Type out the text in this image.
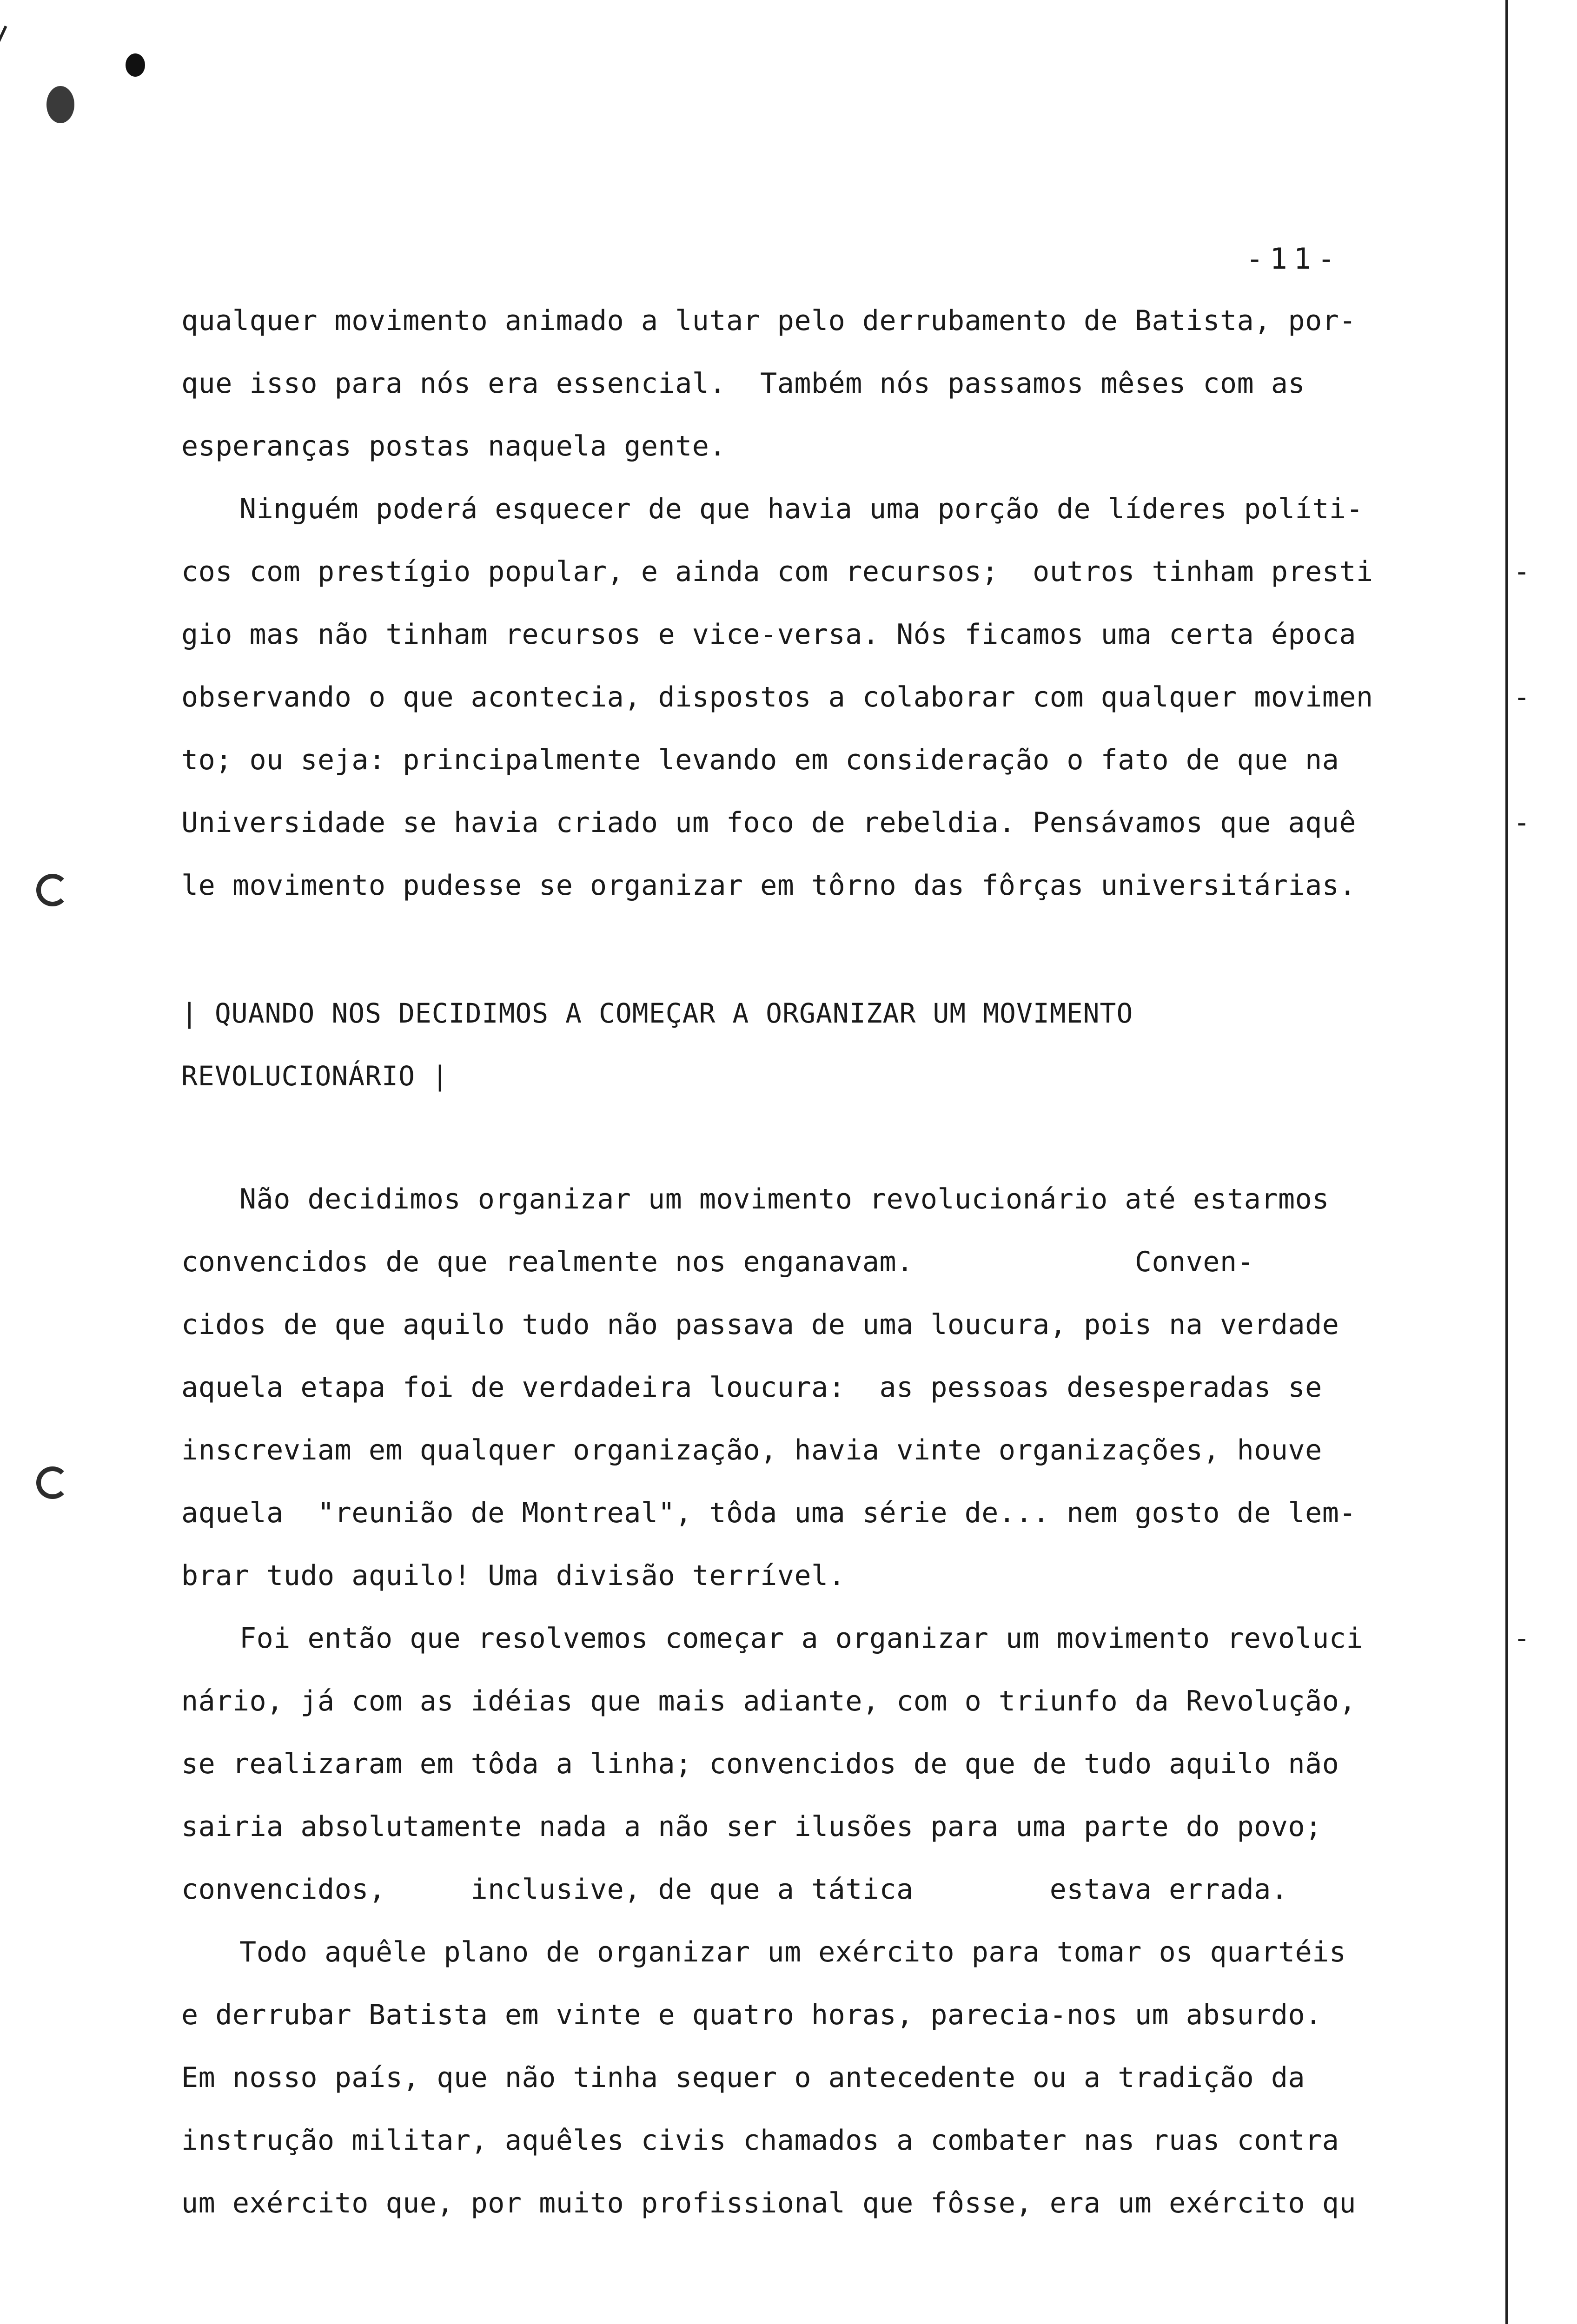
-11-
qualquer movimento animado a lutar pelo derrubamento de Batista, por-
que isso para nós era essencial.  Também nós passamos mêses com as
esperanças postas naquela gente.
Ninguém poderá esquecer de que havia uma porção de líderes políti-
cos com prestígio popular, e ainda com recursos;  outros tinham presti	-
gio mas não tinham recursos e vice-versa. Nós ficamos uma certa época
observando o que acontecia, dispostos a colaborar com qualquer movimen	-
to; ou seja: principalmente levando em consideração o fato de que na
Universidade se havia criado um foco de rebeldia. Pensávamos que aquê	-
le movimento pudesse se organizar em tôrno das fôrças universitárias.
| QUANDO NOS DECIDIMOS A COMEÇAR A ORGANIZAR UM MOVIMENTO
REVOLUCIONÁRIO |
Não decidimos organizar um movimento revolucionário até estarmos
convencidos de que realmente nos enganavam.             Conven-
cidos de que aquilo tudo não passava de uma loucura, pois na verdade
aquela etapa foi de verdadeira loucura:  as pessoas desesperadas se
inscreviam em qualquer organização, havia vinte organizações, houve
aquela  "reunião de Montreal", tôda uma série de... nem gosto de lem-
brar tudo aquilo! Uma divisão terrível.
Foi então que resolvemos começar a organizar um movimento revoluci	-
nário, já com as idéias que mais adiante, com o triunfo da Revolução,
se realizaram em tôda a linha; convencidos de que de tudo aquilo não
sairia absolutamente nada a não ser ilusões para uma parte do povo;
convencidos,     inclusive, de que a tática        estava errada.
Todo aquêle plano de organizar um exército para tomar os quartéis
e derrubar Batista em vinte e quatro horas, parecia-nos um absurdo.
Em nosso país, que não tinha sequer o antecedente ou a tradição da
instrução militar, aquêles civis chamados a combater nas ruas contra
um exército que, por muito profissional que fôsse, era um exército qu
